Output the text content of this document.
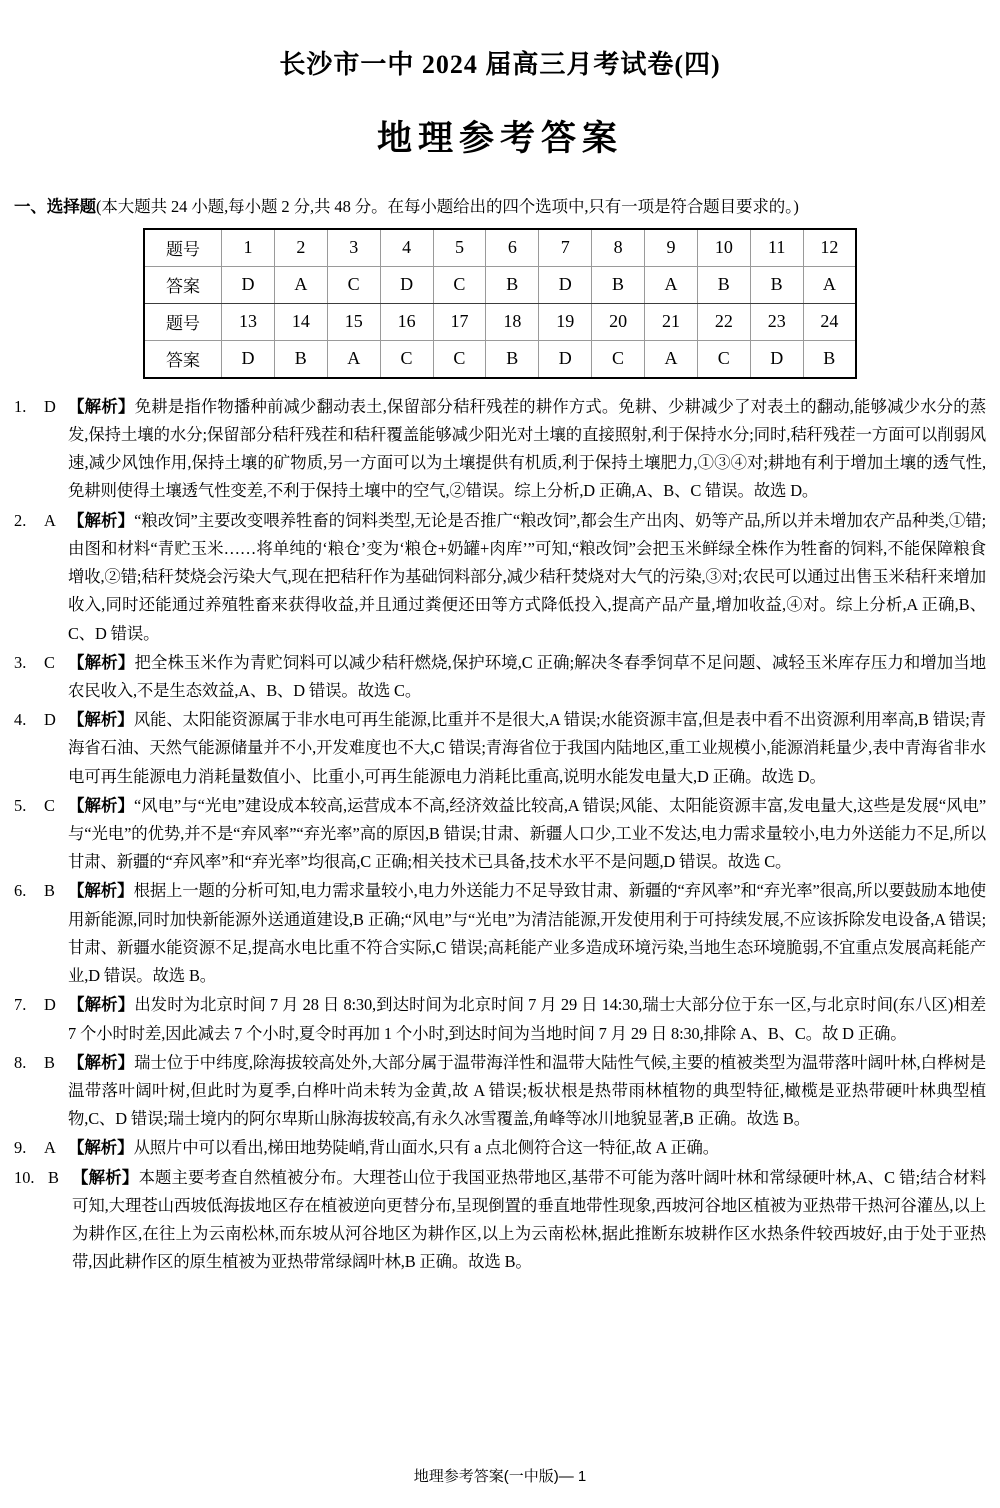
长沙市一中 2024 届高三月考试卷(四)
地理参考答案
一、选择题(本大题共 24 小题,每小题 2 分,共 48 分。在每小题给出的四个选项中,只有一项是符合题目要求的。)
题号	1	2	3	4	5	6	7	8	9	10	11	12
答案	D	A	C	D	C	B	D	B	A	B	B	A
题号	13	14	15	16	17	18	19	20	21	22	23	24
答案	D	B	A	C	C	B	D	C	A	C	D	B
1.	D 【解析】免耕是指作物播种前减少翻动表土,保留部分秸秆残茬的耕作方式。免耕、少耕减少了对表土的翻动,能够减少水分的蒸发,保持土壤的水分;保留部分秸秆残茬和秸秆覆盖能够减少阳光对土壤的直接照射,利于保持水分;同时,秸秆残茬一方面可以削弱风速,减少风蚀作用,保持土壤的矿物质,另一方面可以为土壤提供有机质,利于保持土壤肥力,①③④对;耕地有利于增加土壤的透气性,免耕则使得土壤透气性变差,不利于保持土壤中的空气,②错误。综上分析,D 正确,A、B、C 错误。故选 D。
2.	A 【解析】“粮改饲”主要改变喂养牲畜的饲料类型,无论是否推广“粮改饲”,都会生产出肉、奶等产品,所以并未增加农产品种类,①错;由图和材料“青贮玉米……将单纯的‘粮仓’变为‘粮仓+奶罐+肉库’”可知,“粮改饲”会把玉米鲜绿全株作为牲畜的饲料,不能保障粮食增收,②错;秸秆焚烧会污染大气,现在把秸秆作为基础饲料部分,减少秸秆焚烧对大气的污染,③对;农民可以通过出售玉米秸秆来增加收入,同时还能通过养殖牲畜来获得收益,并且通过粪便还田等方式降低投入,提高产品产量,增加收益,④对。综上分析,A 正确,B、C、D 错误。
3.	C 【解析】把全株玉米作为青贮饲料可以减少秸秆燃烧,保护环境,C 正确;解决冬春季饲草不足问题、减轻玉米库存压力和增加当地农民收入,不是生态效益,A、B、D 错误。故选 C。
4.	D 【解析】风能、太阳能资源属于非水电可再生能源,比重并不是很大,A 错误;水能资源丰富,但是表中看不出资源利用率高,B 错误;青海省石油、天然气能源储量并不小,开发难度也不大,C 错误;青海省位于我国内陆地区,重工业规模小,能源消耗量少,表中青海省非水电可再生能源电力消耗量数值小、比重小,可再生能源电力消耗比重高,说明水能发电量大,D 正确。故选 D。
5.	C 【解析】“风电”与“光电”建设成本较高,运营成本不高,经济效益比较高,A 错误;风能、太阳能资源丰富,发电量大,这些是发展“风电”与“光电”的优势,并不是“弃风率”“弃光率”高的原因,B 错误;甘肃、新疆人口少,工业不发达,电力需求量较小,电力外送能力不足,所以甘肃、新疆的“弃风率”和“弃光率”均很高,C 正确;相关技术已具备,技术水平不是问题,D 错误。故选 C。
6.	B 【解析】根据上一题的分析可知,电力需求量较小,电力外送能力不足导致甘肃、新疆的“弃风率”和“弃光率”很高,所以要鼓励本地使用新能源,同时加快新能源外送通道建设,B 正确;“风电”与“光电”为清洁能源,开发使用利于可持续发展,不应该拆除发电设备,A 错误;甘肃、新疆水能资源不足,提高水电比重不符合实际,C 错误;高耗能产业多造成环境污染,当地生态环境脆弱,不宜重点发展高耗能产业,D 错误。故选 B。
7.	D 【解析】出发时为北京时间 7 月 28 日 8:30,到达时间为北京时间 7 月 29 日 14:30,瑞士大部分位于东一区,与北京时间(东八区)相差 7 个小时时差,因此减去 7 个小时,夏令时再加 1 个小时,到达时间为当地时间 7 月 29 日 8:30,排除 A、B、C。故 D 正确。
8.	B 【解析】瑞士位于中纬度,除海拔较高处外,大部分属于温带海洋性和温带大陆性气候,主要的植被类型为温带落叶阔叶林,白桦树是温带落叶阔叶树,但此时为夏季,白桦叶尚未转为金黄,故 A 错误;板状根是热带雨林植物的典型特征,橄榄是亚热带硬叶林典型植物,C、D 错误;瑞士境内的阿尔卑斯山脉海拔较高,有永久冰雪覆盖,角峰等冰川地貌显著,B 正确。故选 B。
9.	A 【解析】从照片中可以看出,梯田地势陡峭,背山面水,只有 a 点北侧符合这一特征,故 A 正确。
10. B 【解析】本题主要考查自然植被分布。大理苍山位于我国亚热带地区,基带不可能为落叶阔叶林和常绿硬叶林,A、C 错;结合材料可知,大理苍山西坡低海拔地区存在植被逆向更替分布,呈现倒置的垂直地带性现象,西坡河谷地区植被为亚热带干热河谷灌丛,以上为耕作区,在往上为云南松林,而东坡从河谷地区为耕作区,以上为云南松林,据此推断东坡耕作区水热条件较西坡好,由于处于亚热带,因此耕作区的原生植被为亚热带常绿阔叶林,B 正确。故选 B。
地理参考答案(一中版)— 1
